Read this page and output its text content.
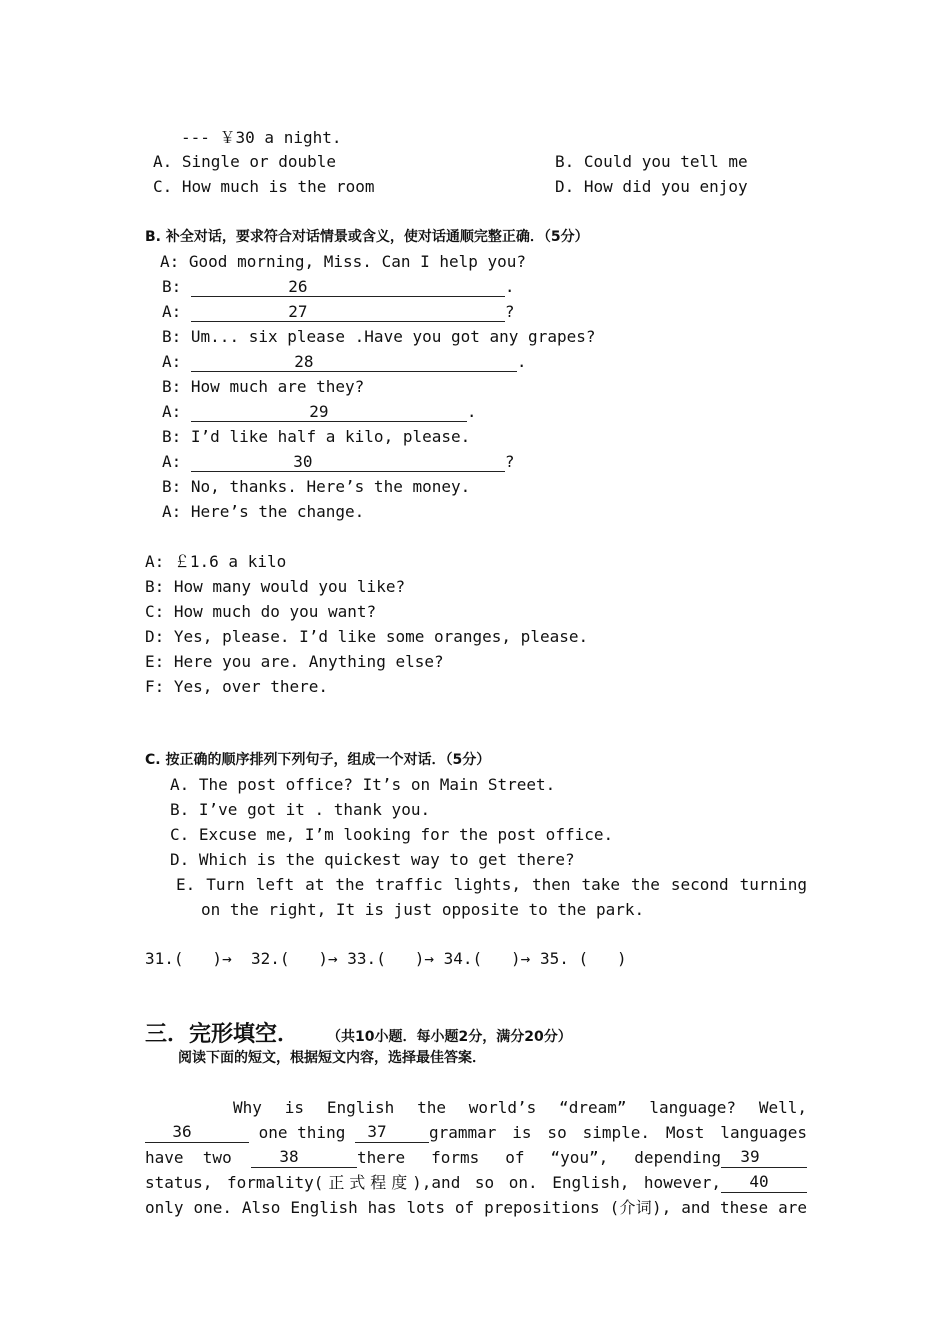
--- ￥30 a night.
A. Single or double	B. Could you tell me
C. How much is the room	D. How did you enjoy
B. 补全对话，要求符合对话情景或含义，使对话通顺完整正确．（5分）
A: Good morning, Miss. Can I help you?
B:	26	.
A:	27	?
B: Um... six please .Have you got any grapes?
A:	28	.
B: How much are they?
A:	29	.
B: I’d like half a kilo, please.
A:	30	?
B: No, thanks. Here’s the money.
A: Here’s the change.
A: ￡1.6 a kilo
B: How many would you like?
C: How much do you want?
D: Yes, please. I’d like some oranges, please.
E: Here you are. Anything else?
F: Yes, over there.
C. 按正确的顺序排列下列句子，组成一个对话．（5分）
A. The post office? It’s on Main Street.
B. I’ve got it . thank you.
C. Excuse me, I’m looking for the post office.
D. Which is the quickest way to get there?
E. Turn left at the traffic lights, then take the second turning
on the right, It is just opposite to the park.
31.(   )→  32.(   )→ 33.(   )→ 34.(   )→ 35. (   )
三．完形填空． （共10小题．每小题2分，满分20分）
阅读下面的短文，根据短文内容，选择最佳答案．
Why is English the world’s “dream” language? Well,
36	one thing 37	grammar is so simple. Most languages
have  two	38	there forms of “you”, depending	39
status, formality(正式程度),and so on. English, however,	40
only one. Also English has lots of prepositions (介词), and these are
